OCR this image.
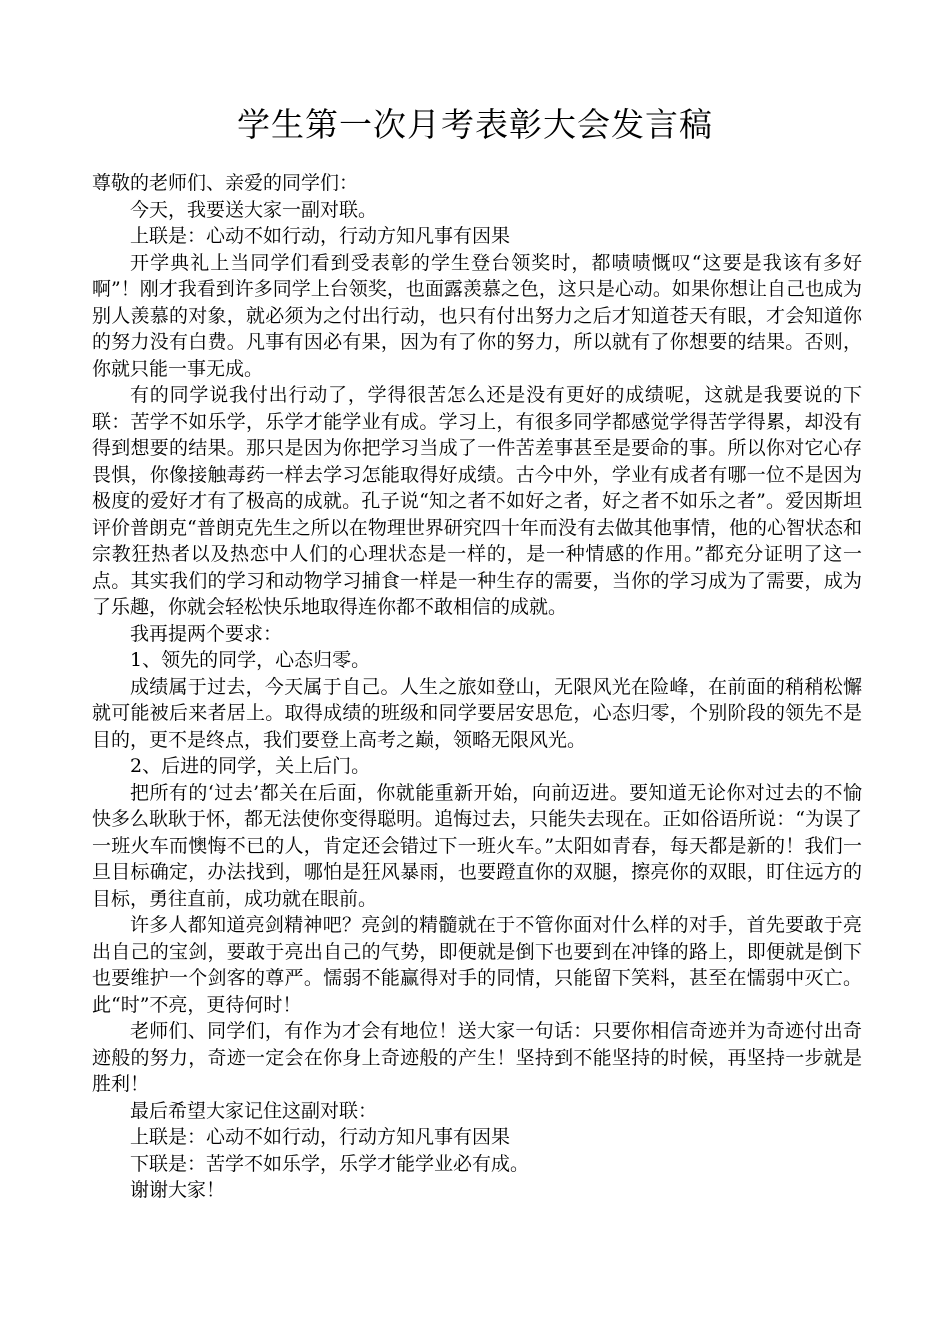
学生第一次月考表彰大会发言稿

尊敬的老师们、亲爱的同学们：

今天，我要送大家一副对联。

上联是：心动不如行动，行动方知凡事有因果

开学典礼上当同学们看到受表彰的学生登台领奖时，都啧啧慨叹“这要是我该有多好啊”！刚才我看到许多同学上台领奖，也面露羡慕之色，这只是心动。如果你想让自己也成为别人羡慕的对象，就必须为之付出行动，也只有付出努力之后才知道苍天有眼，才会知道你的努力没有白费。凡事有因必有果，因为有了你的努力，所以就有了你想要的结果。否则，你就只能一事无成。

有的同学说我付出行动了，学得很苦怎么还是没有更好的成绩呢，这就是我要说的下联：苦学不如乐学，乐学才能学业有成。学习上，有很多同学都感觉学得苦学得累，却没有得到想要的结果。那只是因为你把学习当成了一件苦差事甚至是要命的事。所以你对它心存畏惧，你像接触毒药一样去学习怎能取得好成绩。古今中外，学业有成者有哪一位不是因为极度的爱好才有了极高的成就。孔子说“知之者不如好之者，好之者不如乐之者”。爱因斯坦评价普朗克“普朗克先生之所以在物理世界研究四十年而没有去做其他事情，他的心智状态和宗教狂热者以及热恋中人们的心理状态是一样的，是一种情感的作用。”都充分证明了这一点。其实我们的学习和动物学习捕食一样是一种生存的需要，当你的学习成为了需要，成为了乐趣，你就会轻松快乐地取得连你都不敢相信的成就。

我再提两个要求：

1、领先的同学，心态归零。

成绩属于过去，今天属于自己。人生之旅如登山，无限风光在险峰，在前面的稍稍松懈就可能被后来者居上。取得成绩的班级和同学要居安思危，心态归零，个别阶段的领先不是目的，更不是终点，我们要登上高考之巅，领略无限风光。

2、后进的同学，关上后门。

把所有的‘过去’都关在后面，你就能重新开始，向前迈进。要知道无论你对过去的不愉快多么耿耿于怀，都无法使你变得聪明。追悔过去，只能失去现在。正如俗语所说：“为误了一班火车而懊悔不已的人，肯定还会错过下一班火车。”太阳如青春，每天都是新的！我们一旦目标确定，办法找到，哪怕是狂风暴雨，也要蹬直你的双腿，擦亮你的双眼，盯住远方的目标，勇往直前，成功就在眼前。

许多人都知道亮剑精神吧？亮剑的精髓就在于不管你面对什么样的对手，首先要敢于亮出自己的宝剑，要敢于亮出自己的气势，即便就是倒下也要到在冲锋的路上，即便就是倒下也要维护一个剑客的尊严。懦弱不能赢得对手的同情，只能留下笑料，甚至在懦弱中灭亡。此“时”不亮，更待何时！

老师们、同学们，有作为才会有地位！送大家一句话：只要你相信奇迹并为奇迹付出奇迹般的努力，奇迹一定会在你身上奇迹般的产生！坚持到不能坚持的时候，再坚持一步就是胜利！

最后希望大家记住这副对联：

上联是：心动不如行动，行动方知凡事有因果

下联是：苦学不如乐学，乐学才能学业必有成。

谢谢大家！
